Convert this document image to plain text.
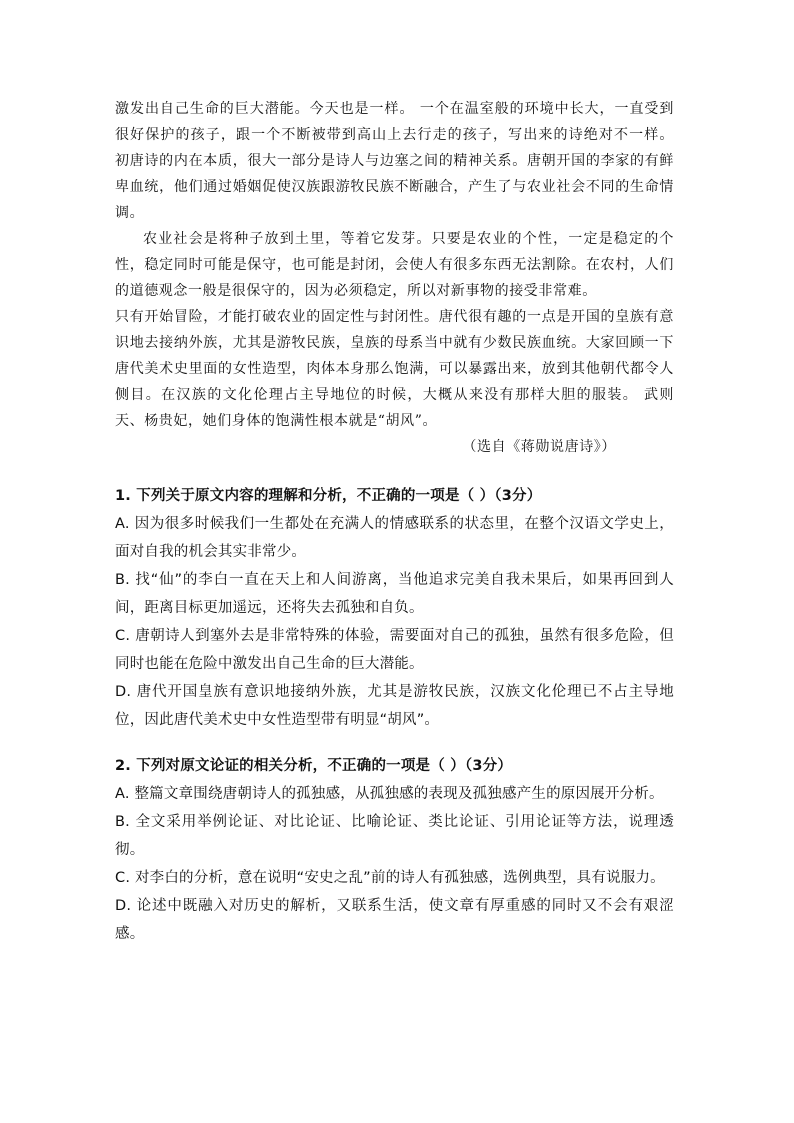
激发出自己生命的巨大潜能。今天也是一样。 一个在温室般的环境中长大，一直受到很好保护的孩子，跟一个不断被带到高山上去行走的孩子，写出来的诗绝对不一样。 初唐诗的内在本质，很大一部分是诗人与边塞之间的精神关系。唐朝开国的李家的有鲜卑血统，他们通过婚姻促使汉族跟游牧民族不断融合，产生了与农业社会不同的生命情调。

农业社会是将种子放到土里，等着它发芽。只要是农业的个性，一定是稳定的个性，稳定同时可能是保守，也可能是封闭，会使人有很多东西无法割除。在农村，人们的道德观念一般是很保守的，因为必须稳定，所以对新事物的接受非常难。

只有开始冒险，才能打破农业的固定性与封闭性。唐代很有趣的一点是开国的皇族有意识地去接纳外族，尤其是游牧民族，皇族的母系当中就有少数民族血统。大家回顾一下唐代美术史里面的女性造型，肉体本身那么饱满，可以暴露出来，放到其他朝代都令人侧目。在汉族的文化伦理占主导地位的时候，大概从来没有那样大胆的服装。 武则天、杨贵妃，她们身体的饱满性根本就是“胡风”。

（选自《蒋勋说唐诗》）

1. 下列关于原文内容的理解和分析，不正确的一项是（ ）（3分）

A. 因为很多时候我们一生都处在充满人的情感联系的状态里，在整个汉语文学史上，面对自我的机会其实非常少。

B. 找“仙”的李白一直在天上和人间游离，当他追求完美自我未果后，如果再回到人间，距离目标更加遥远，还将失去孤独和自负。

C. 唐朝诗人到塞外去是非常特殊的体验，需要面对自己的孤独，虽然有很多危险，但同时也能在危险中激发出自己生命的巨大潜能。

D. 唐代开国皇族有意识地接纳外族，尤其是游牧民族，汉族文化伦理已不占主导地位，因此唐代美术史中女性造型带有明显“胡风”。

2. 下列对原文论证的相关分析，不正确的一项是（ ）（3分）

A. 整篇文章围绕唐朝诗人的孤独感，从孤独感的表现及孤独感产生的原因展开分析。

B. 全文采用举例论证、对比论证、比喻论证、类比论证、引用论证等方法，说理透彻。

C. 对李白的分析，意在说明“安史之乱”前的诗人有孤独感，选例典型，具有说服力。

D. 论述中既融入对历史的解析，又联系生活，使文章有厚重感的同时又不会有艰涩感。
